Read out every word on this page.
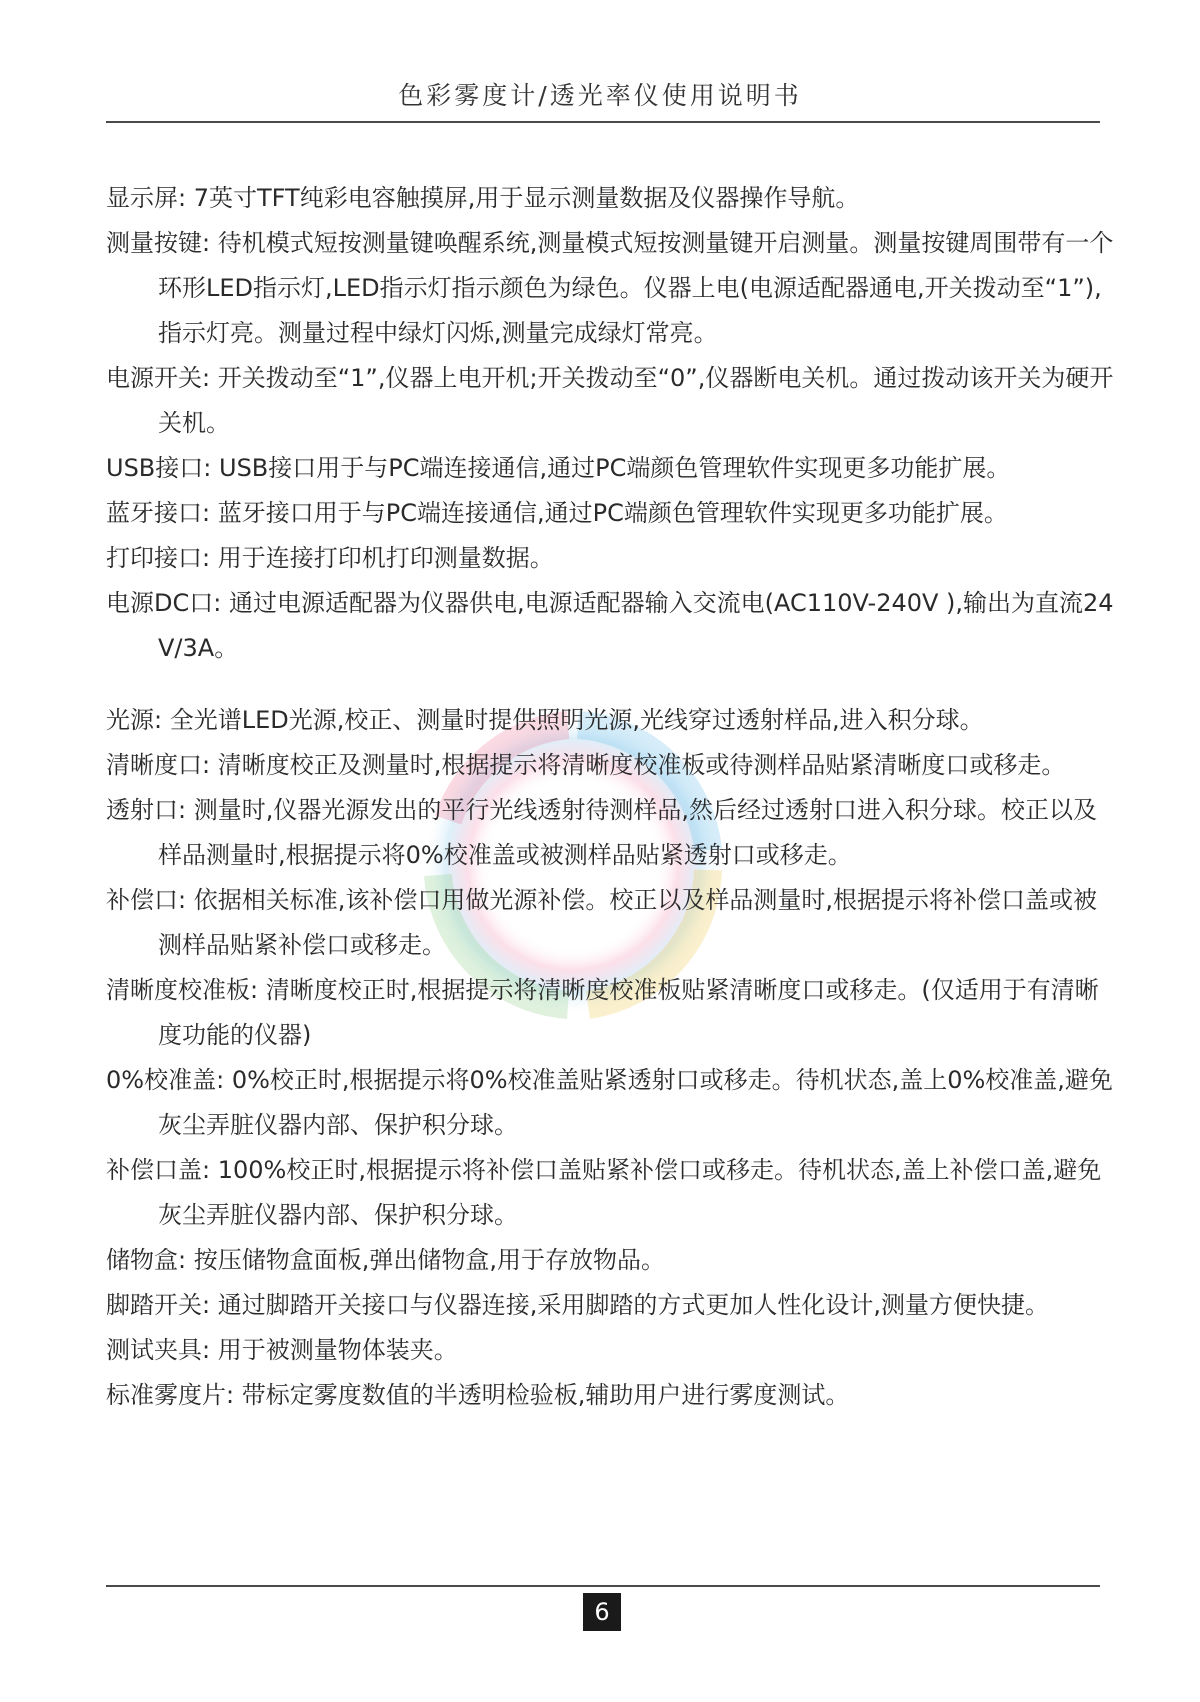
色彩雾度计/透光率仪使用说明书
显示屏: 7英寸TFT纯彩电容触摸屏,用于显示测量数据及仪器操作导航。
测量按键: 待机模式短按测量键唤醒系统,测量模式短按测量键开启测量。测量按键周围带有一个环形LED指示灯,LED指示灯指示颜色为绿色。仪器上电(电源适配器通电,开关拨动至“1”),指示灯亮。测量过程中绿灯闪烁,测量完成绿灯常亮。
电源开关: 开关拨动至“1”,仪器上电开机;开关拨动至“0”,仪器断电关机。通过拨动该开关为硬开关机。
USB接口: USB接口用于与PC端连接通信,通过PC端颜色管理软件实现更多功能扩展。
蓝牙接口: 蓝牙接口用于与PC端连接通信,通过PC端颜色管理软件实现更多功能扩展。
打印接口: 用于连接打印机打印测量数据。
电源DC口: 通过电源适配器为仪器供电,电源适配器输入交流电(AC110V-240V ),输出为直流24V/3A。
光源: 全光谱LED光源,校正、测量时提供照明光源,光线穿过透射样品,进入积分球。
清晰度口: 清晰度校正及测量时,根据提示将清晰度校准板或待测样品贴紧清晰度口或移走。
透射口: 测量时,仪器光源发出的平行光线透射待测样品,然后经过透射口进入积分球。校正以及样品测量时,根据提示将0%校准盖或被测样品贴紧透射口或移走。
补偿口: 依据相关标准,该补偿口用做光源补偿。校正以及样品测量时,根据提示将补偿口盖或被测样品贴紧补偿口或移走。
清晰度校准板: 清晰度校正时,根据提示将清晰度校准板贴紧清晰度口或移走。(仅适用于有清晰度功能的仪器)
0%校准盖: 0%校正时,根据提示将0%校准盖贴紧透射口或移走。待机状态,盖上0%校准盖,避免灰尘弄脏仪器内部、保护积分球。
补偿口盖: 100%校正时,根据提示将补偿口盖贴紧补偿口或移走。待机状态,盖上补偿口盖,避免灰尘弄脏仪器内部、保护积分球。
储物盒: 按压储物盒面板,弹出储物盒,用于存放物品。
脚踏开关: 通过脚踏开关接口与仪器连接,采用脚踏的方式更加人性化设计,测量方便快捷。
测试夹具: 用于被测量物体装夹。
标准雾度片: 带标定雾度数值的半透明检验板,辅助用户进行雾度测试。
6
